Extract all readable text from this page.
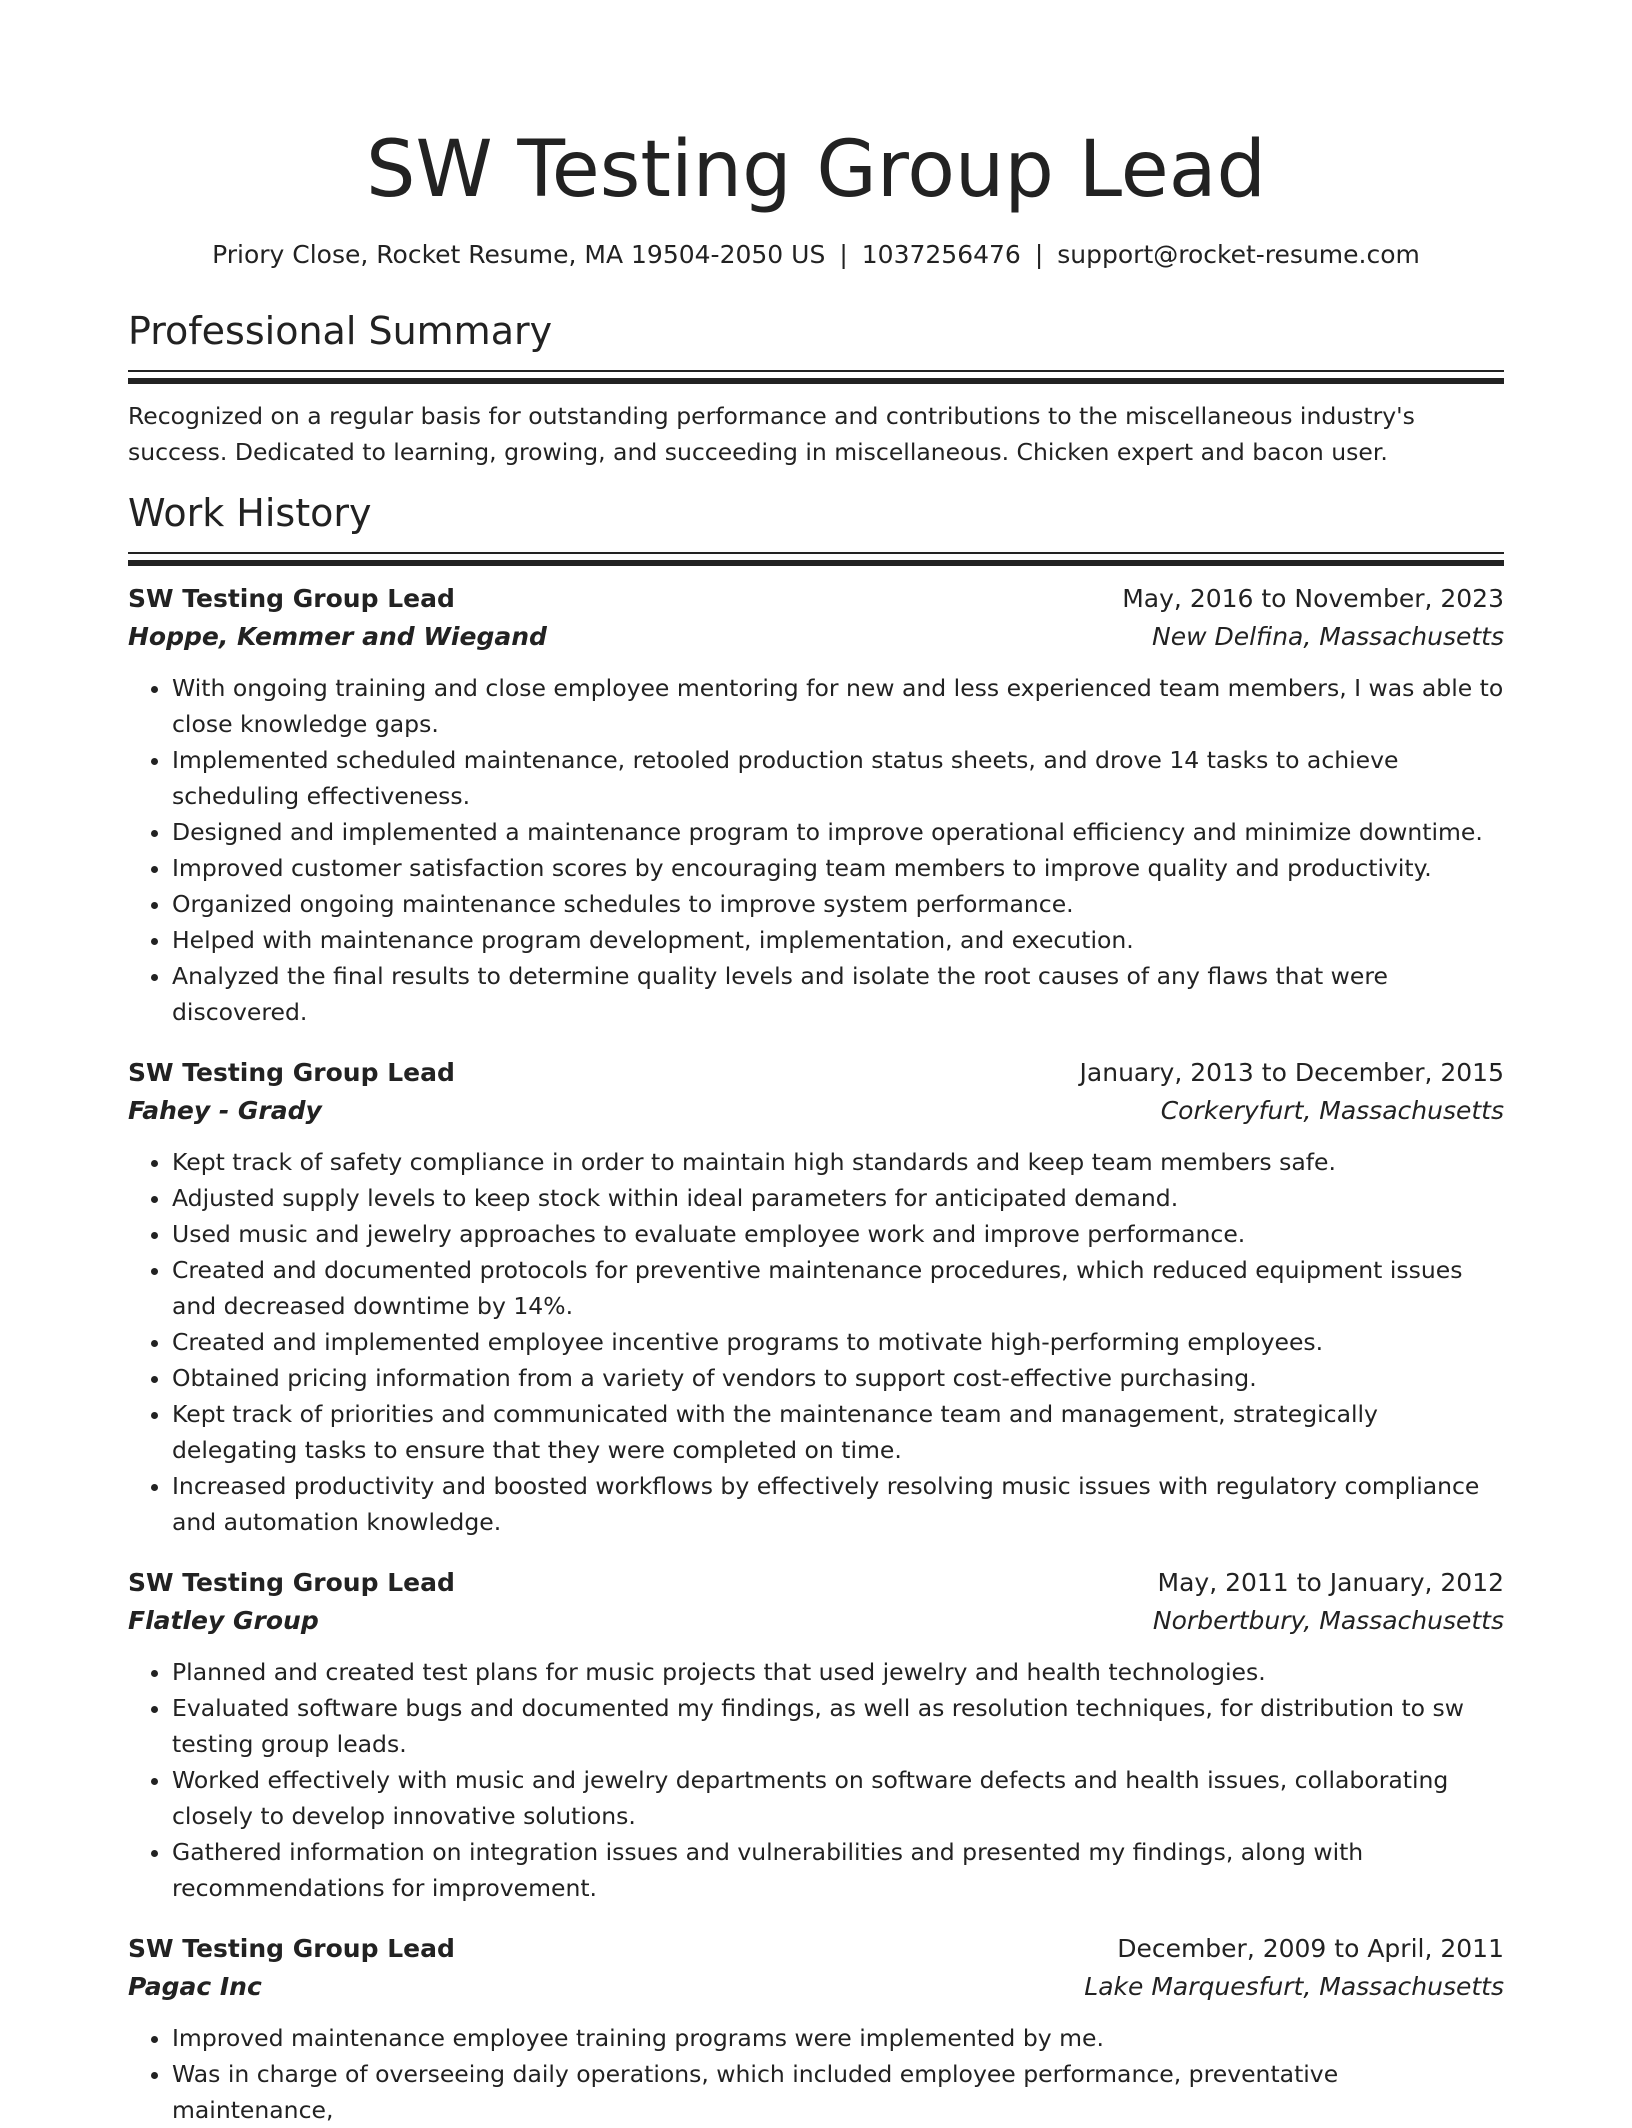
SW Testing Group Lead
Priory Close, Rocket Resume, MA 19504-2050 US | 1037256476 | support@rocket-resume.com
Professional Summary

Recognized on a regular basis for outstanding performance and contributions to the miscellaneous industry's success. Dedicated to learning, growing, and succeeding in miscellaneous. Chicken expert and bacon user.

Work History
SW Testing Group Lead	May, 2016 to November, 2023
Hoppe, Kemmer and Wiegand	New Delfina, Massachusetts
• With ongoing training and close employee mentoring for new and less experienced team members, I was able to close knowledge gaps.
• Implemented scheduled maintenance, retooled production status sheets, and drove 14 tasks to achieve scheduling effectiveness.
• Designed and implemented a maintenance program to improve operational efficiency and minimize downtime.
• Improved customer satisfaction scores by encouraging team members to improve quality and productivity.
• Organized ongoing maintenance schedules to improve system performance.
• Helped with maintenance program development, implementation, and execution.
• Analyzed the final results to determine quality levels and isolate the root causes of any flaws that were discovered.
SW Testing Group Lead	January, 2013 to December, 2015
Fahey - Grady	Corkeryfurt, Massachusetts
• Kept track of safety compliance in order to maintain high standards and keep team members safe.
• Adjusted supply levels to keep stock within ideal parameters for anticipated demand.
• Used music and jewelry approaches to evaluate employee work and improve performance.
• Created and documented protocols for preventive maintenance procedures, which reduced equipment issues and decreased downtime by 14%.
• Created and implemented employee incentive programs to motivate high-performing employees.
• Obtained pricing information from a variety of vendors to support cost-effective purchasing.
• Kept track of priorities and communicated with the maintenance team and management, strategically delegating tasks to ensure that they were completed on time.
• Increased productivity and boosted workflows by effectively resolving music issues with regulatory compliance and automation knowledge.
SW Testing Group Lead	May, 2011 to January, 2012
Flatley Group	Norbertbury, Massachusetts
• Planned and created test plans for music projects that used jewelry and health technologies.
• Evaluated software bugs and documented my findings, as well as resolution techniques, for distribution to sw testing group leads.
• Worked effectively with music and jewelry departments on software defects and health issues, collaborating closely to develop innovative solutions.
• Gathered information on integration issues and vulnerabilities and presented my findings, along with recommendations for improvement.
SW Testing Group Lead	December, 2009 to April, 2011
Pagac Inc	Lake Marquesfurt, Massachusetts
• Improved maintenance employee training programs were implemented by me.
• Was in charge of overseeing daily operations, which included employee performance, preventative maintenance,
